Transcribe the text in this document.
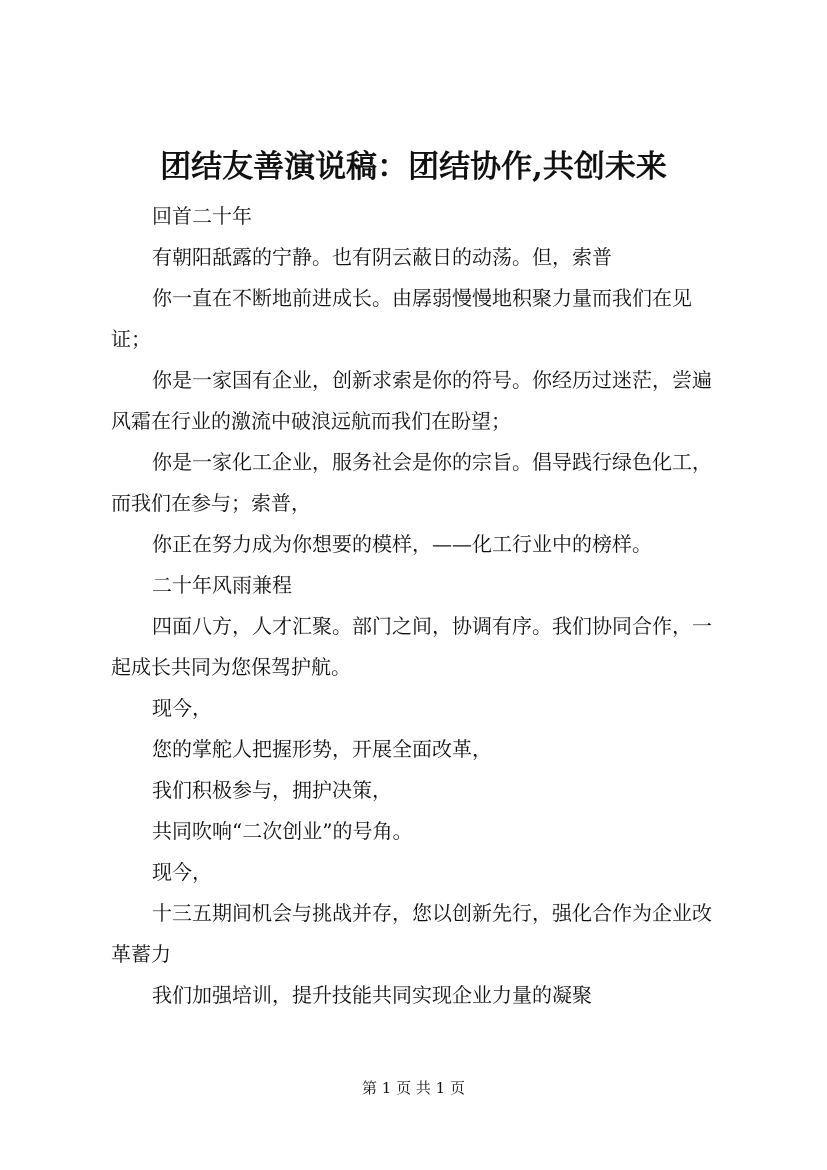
团结友善演说稿：团结协作,共创未来

回首二十年

有朝阳舐露的宁静。也有阴云蔽日的动荡。但，索普

你一直在不断地前进成长。由孱弱慢慢地积聚力量而我们在见证；

你是一家国有企业，创新求索是你的符号。你经历过迷茫，尝遍风霜在行业的激流中破浪远航而我们在盼望；

你是一家化工企业，服务社会是你的宗旨。倡导践行绿色化工，而我们在参与；索普，

你正在努力成为你想要的模样，——化工行业中的榜样。

二十年风雨兼程

四面八方，人才汇聚。部门之间，协调有序。我们协同合作，一起成长共同为您保驾护航。

现今，

您的掌舵人把握形势，开展全面改革，

我们积极参与，拥护决策，

共同吹响“二次创业”的号角。

现今，

十三五期间机会与挑战并存，您以创新先行，强化合作为企业改革蓄力

我们加强培训，提升技能共同实现企业力量的凝聚

第 1 页 共 1 页
